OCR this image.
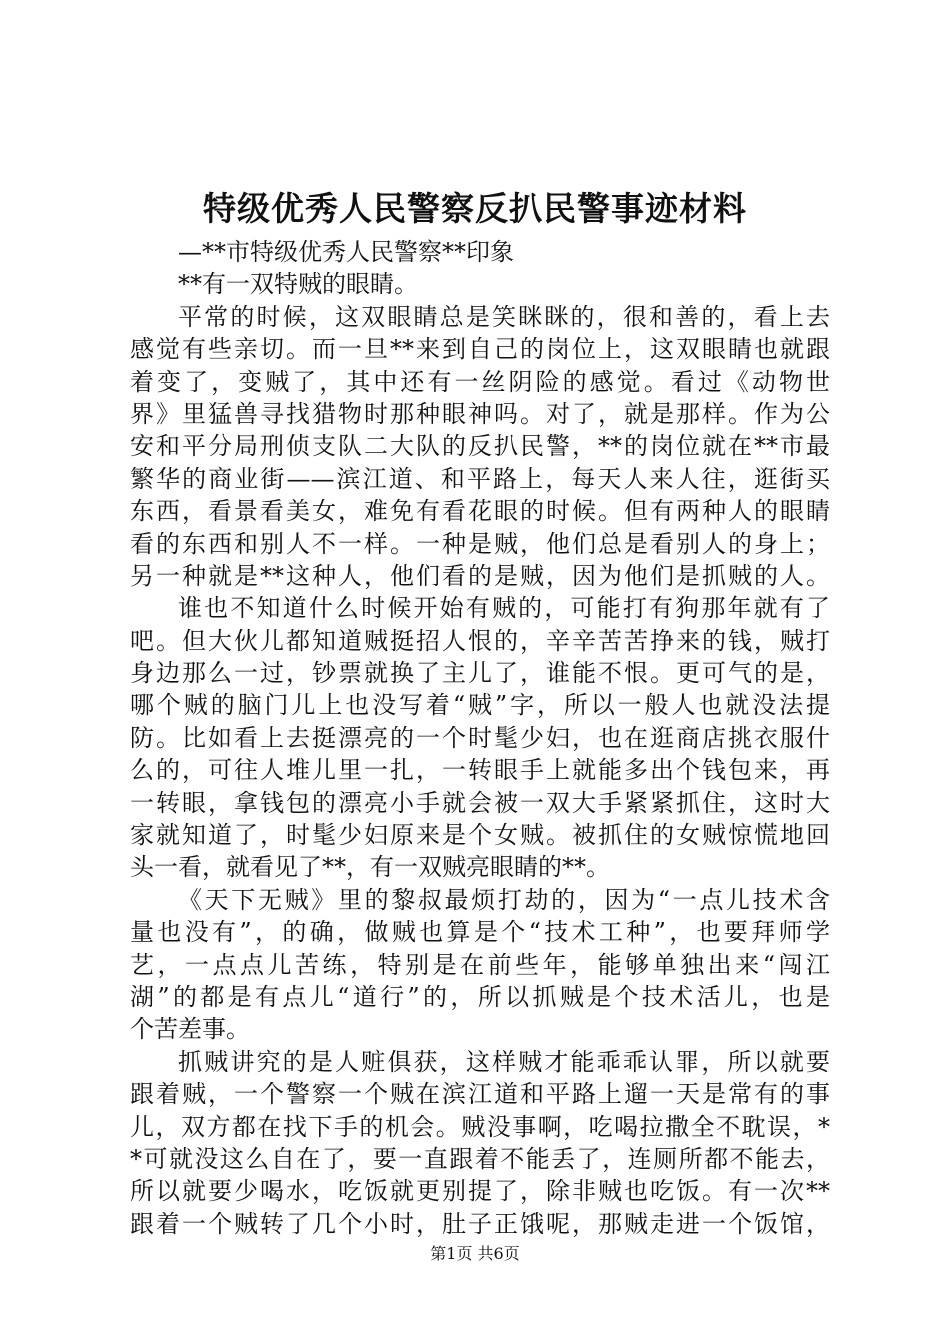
特级优秀人民警察反扒民警事迹材料
—**市特级优秀人民警察**印象
**有一双特贼的眼睛。
平常的时候，这双眼睛总是笑眯眯的，很和善的，看上去
感觉有些亲切。而一旦**来到自己的岗位上，这双眼睛也就跟
着变了，变贼了，其中还有一丝阴险的感觉。看过《动物世
界》里猛兽寻找猎物时那种眼神吗。对了，就是那样。作为公
安和平分局刑侦支队二大队的反扒民警，**的岗位就在**市最
繁华的商业街——滨江道、和平路上，每天人来人往，逛街买
东西，看景看美女，难免有看花眼的时候。但有两种人的眼睛
看的东西和别人不一样。一种是贼，他们总是看别人的身上；
另一种就是**这种人，他们看的是贼，因为他们是抓贼的人。
谁也不知道什么时候开始有贼的，可能打有狗那年就有了
吧。但大伙儿都知道贼挺招人恨的，辛辛苦苦挣来的钱，贼打
身边那么一过，钞票就换了主儿了，谁能不恨。更可气的是，
哪个贼的脑门儿上也没写着“贼”字，所以一般人也就没法提
防。比如看上去挺漂亮的一个时髦少妇，也在逛商店挑衣服什
么的，可往人堆儿里一扎，一转眼手上就能多出个钱包来，再
一转眼，拿钱包的漂亮小手就会被一双大手紧紧抓住，这时大
家就知道了，时髦少妇原来是个女贼。被抓住的女贼惊慌地回
头一看，就看见了**，有一双贼亮眼睛的**。
《天下无贼》里的黎叔最烦打劫的，因为“一点儿技术含
量也没有”，的确，做贼也算是个“技术工种”，也要拜师学
艺，一点点儿苦练，特别是在前些年，能够单独出来“闯江
湖”的都是有点儿“道行”的，所以抓贼是个技术活儿，也是
个苦差事。
抓贼讲究的是人赃俱获，这样贼才能乖乖认罪，所以就要
跟着贼，一个警察一个贼在滨江道和平路上遛一天是常有的事
儿，双方都在找下手的机会。贼没事啊，吃喝拉撒全不耽误，*
*可就没这么自在了，要一直跟着不能丢了，连厕所都不能去，
所以就要少喝水，吃饭就更别提了，除非贼也吃饭。有一次**
跟着一个贼转了几个小时，肚子正饿呢，那贼走进一个饭馆，
第1页 共6页
